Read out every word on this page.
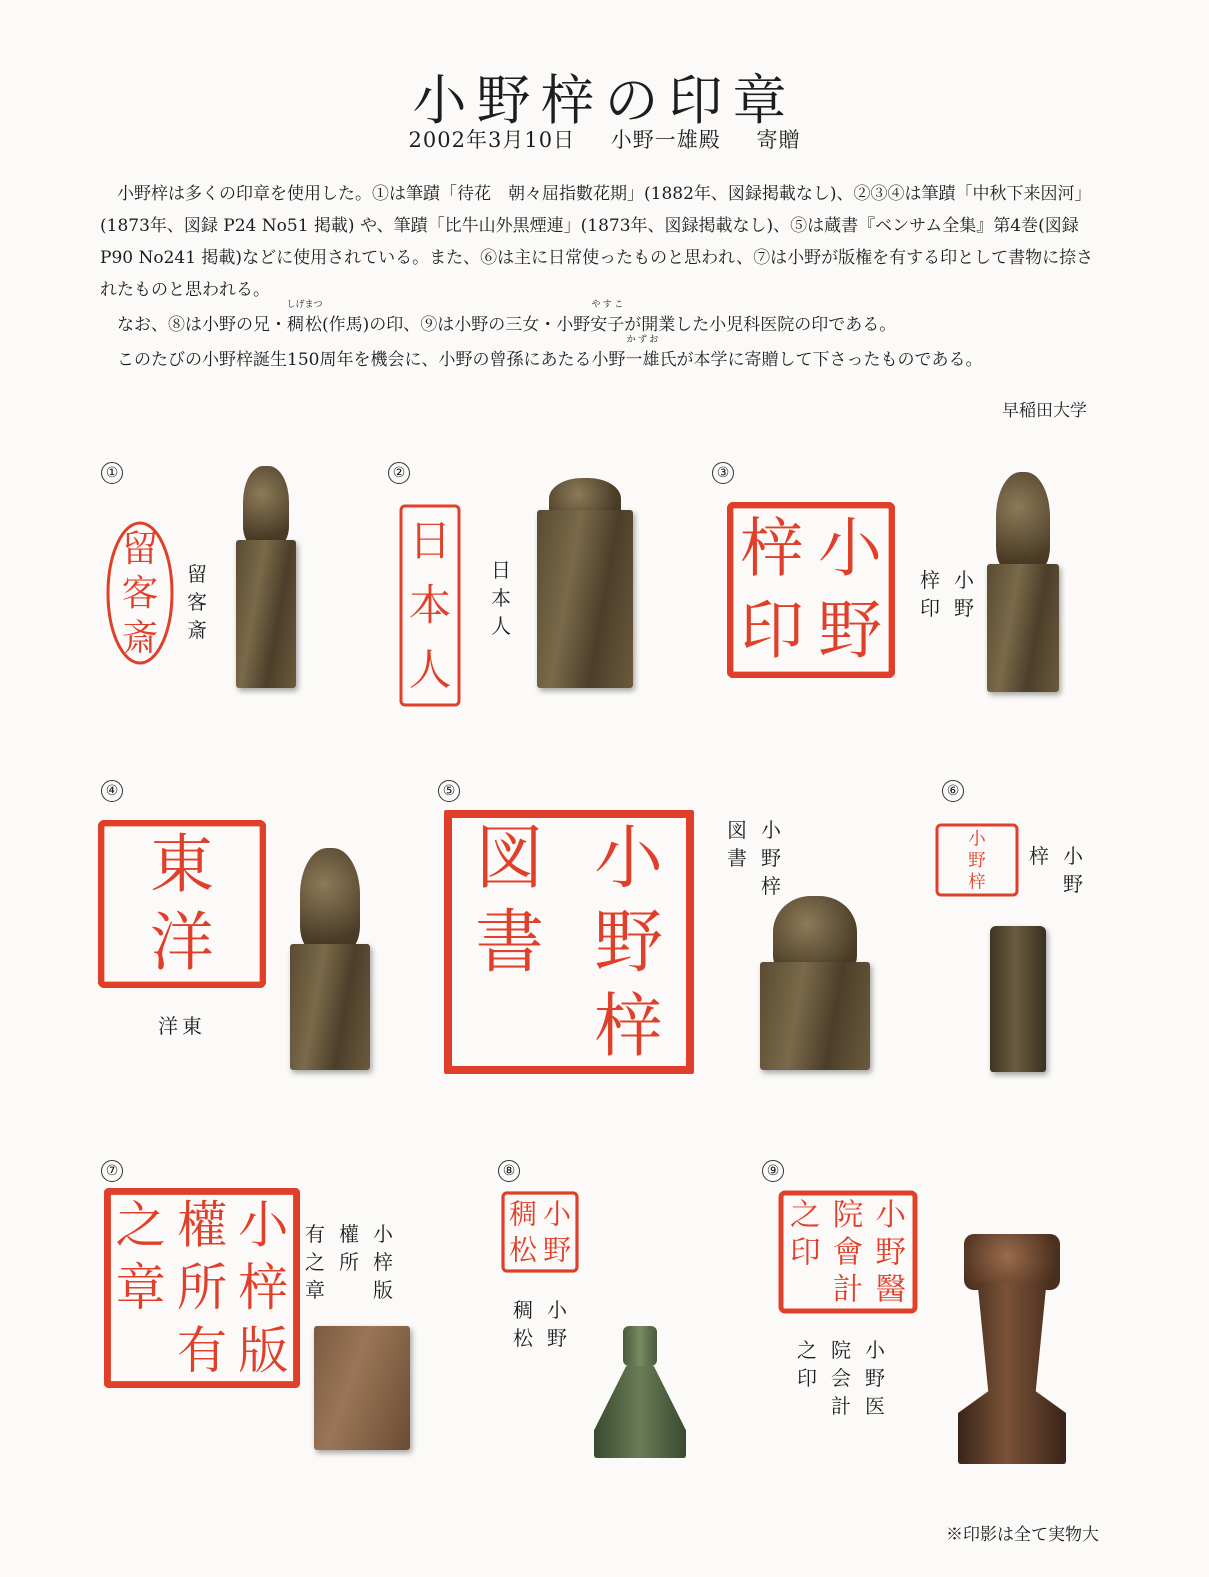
小野梓の印章
2002年3月10日 小野一雄殿 寄贈

小野梓は多くの印章を使用した。①は筆蹟「待花　朝々屈指數花期」(1882年、図録掲載なし)、②③④は筆蹟「中秋下来因河」(1873年、図録 P24 No51 掲載) や、筆蹟「比牛山外黒煙連」(1873年、図録掲載なし)、⑤は蔵書『ベンサム全集』第4巻(図録 P90 No241 掲載)などに使用されている。また、⑥は主に日常使ったものと思われ、⑦は小野が版権を有する印として書物に捺されたものと思われる。

なお、⑧は小野の兄・稠松しげまつ(作馬)の印、⑨は小野の三女・小野安子やすこが開業した小児科医院の印である。

このたびの小野梓誕生150周年を機会に、小野の曾孫にあたる小野一雄かずお氏が本学に寄贈して下さったものである。

早稲田大学
①
留
客
斎
留
客
斎
②
日
本
人
日
本
人
③
小
野
梓
印
小
野
梓
印
④
東
洋
洋東
⑤
小
野
梓
図
書
小
野
梓
図
書
⑥
小
野
梓
小
野
梓
⑦
小
梓
版
權
所
有
之
章
小
梓
版
權
所
有
之
章
⑧
小
野
稠
松
小
野
稠
松
⑨
小
野
醫
院
會
計
之
印
小
野
医
院
会
計
之
印
※印影は全て実物大
